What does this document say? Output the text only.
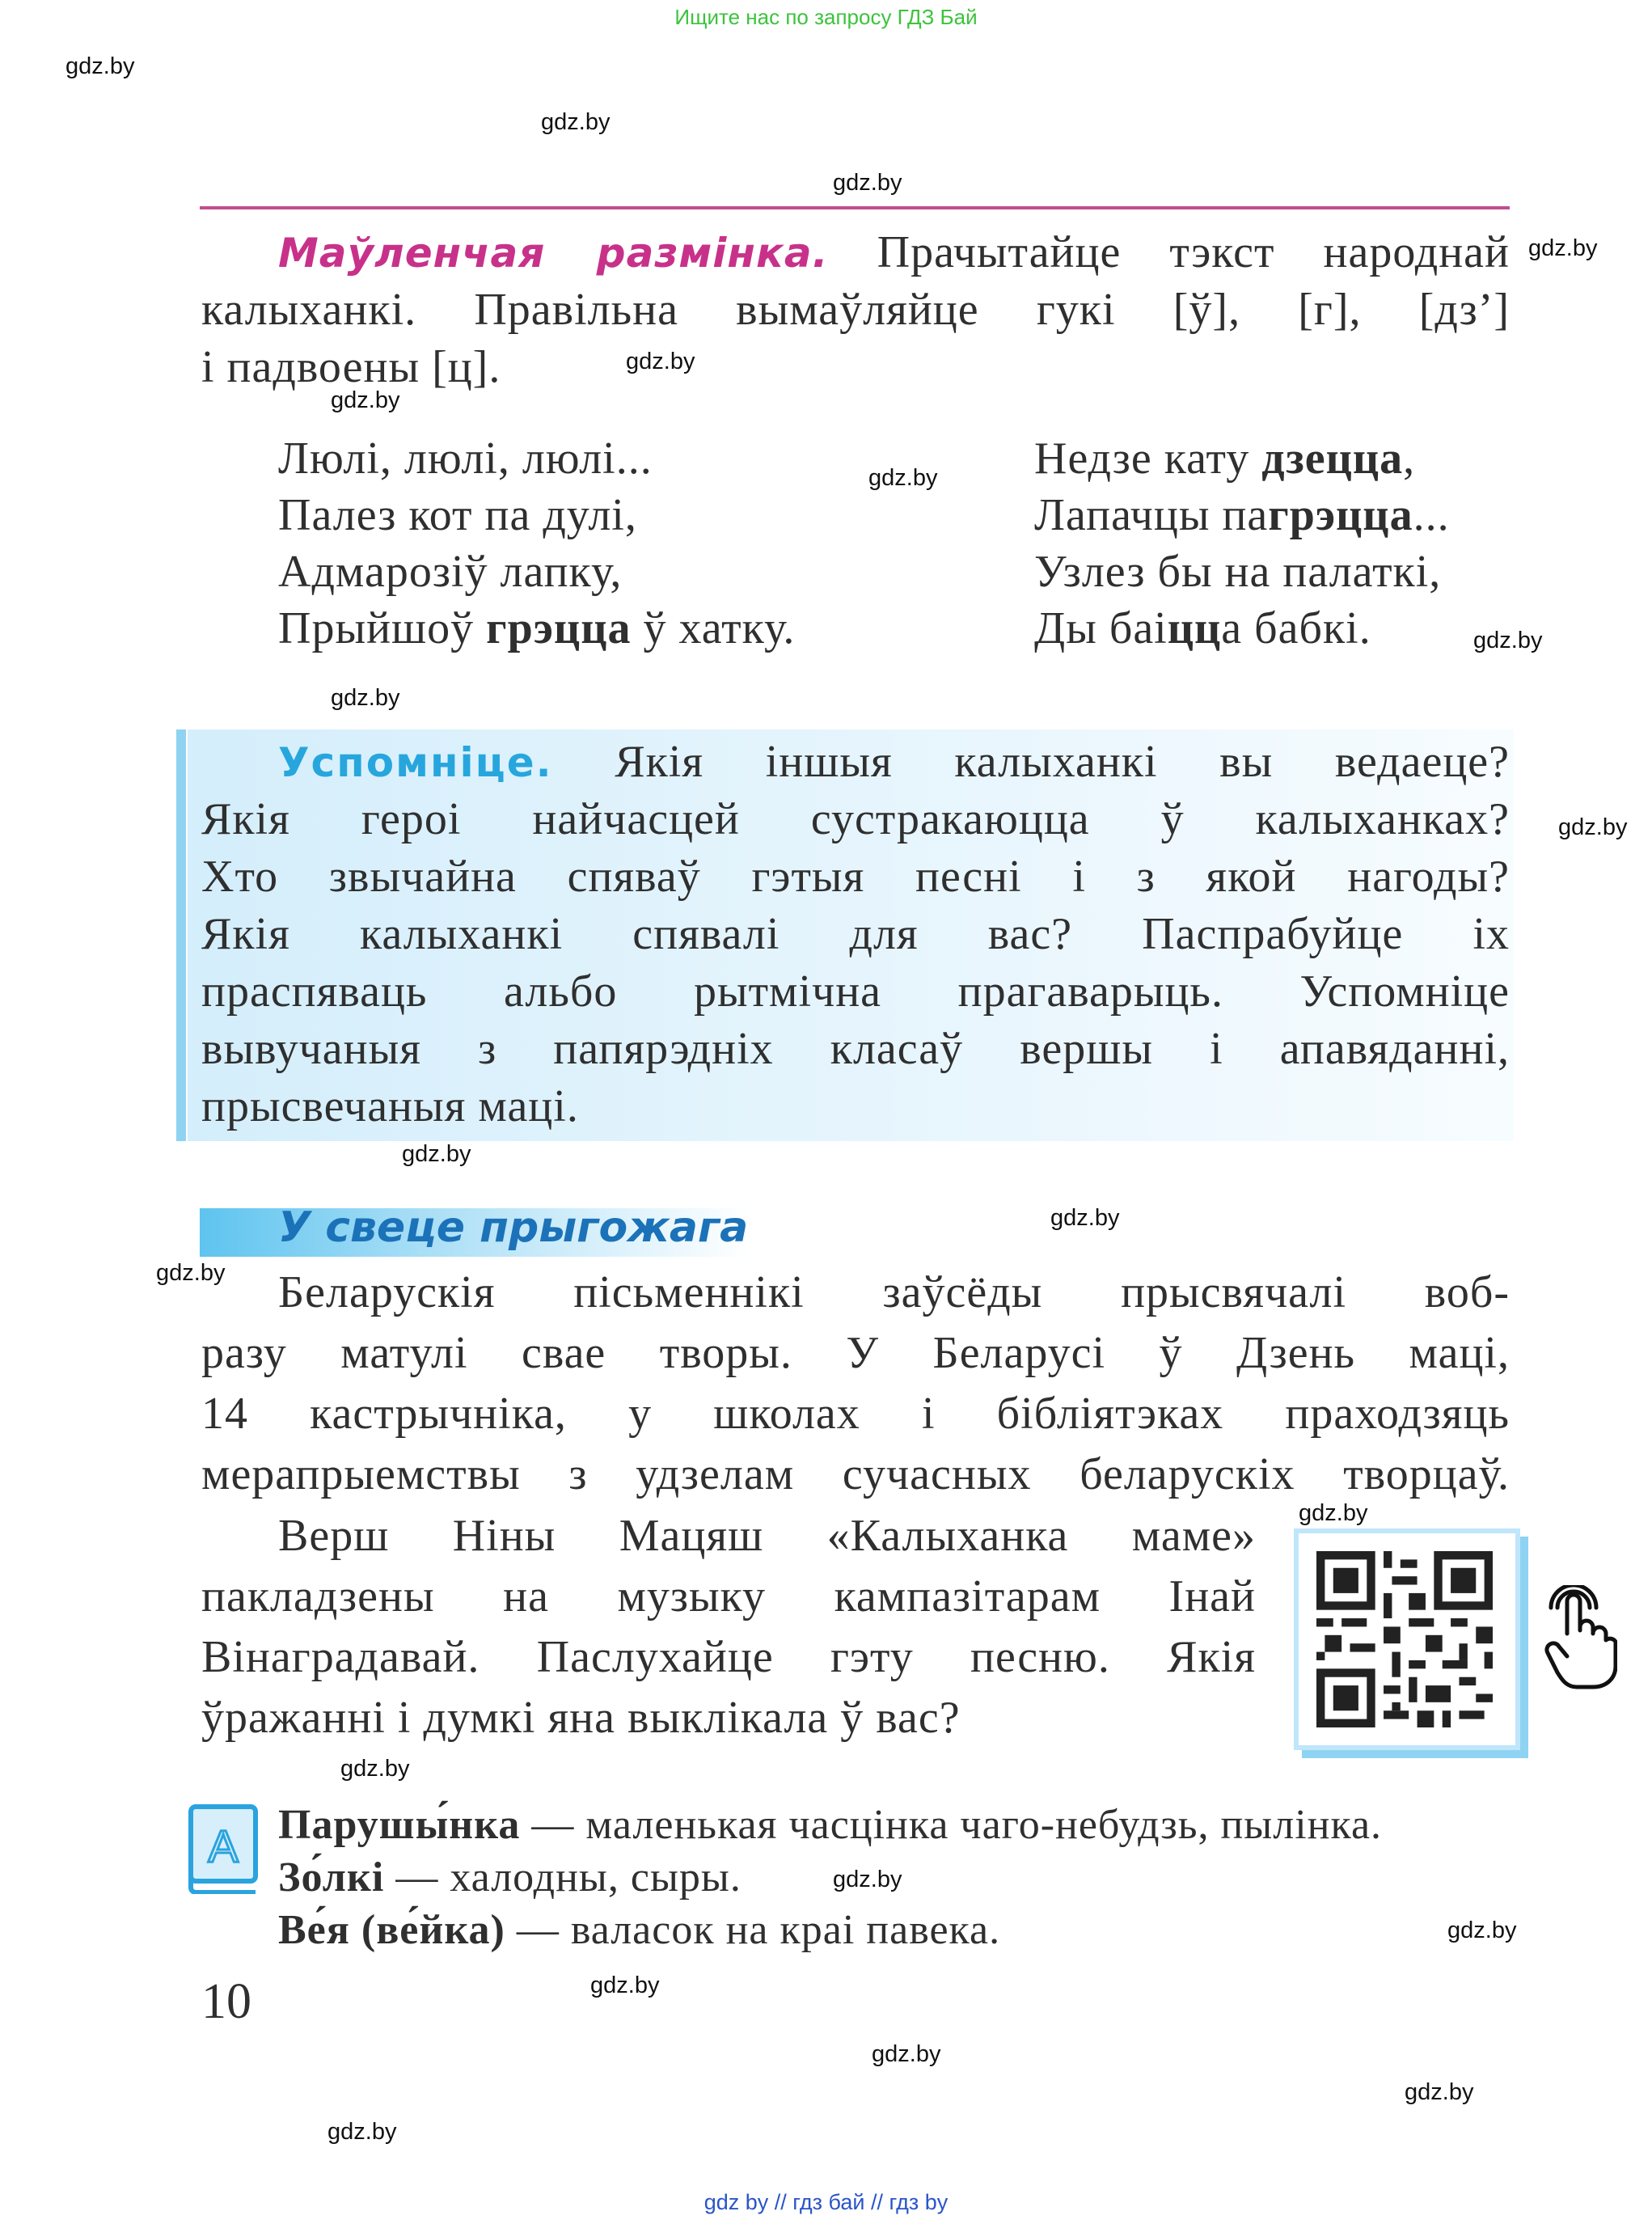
Ищите нас по запросу ГДЗ Бай
gdz.by
gdz.by
gdz.by
gdz.by
gdz.by
gdz.by
gdz.by
gdz.by
gdz.by
gdz.by
gdz.by
gdz.by
gdz.by
gdz.by
gdz.by
gdz.by
gdz.by
gdz.by
gdz.by
gdz.by
gdz.by
Маўленчая размінка. Прачытайце тэкст народнай
калыханкі. Правільна вымаўляйце гукі [ў], [г], [дз’]
і падвоены [ц].
Люлі, люлі, люлі...
Палез кот па дулі,
Адмарозіў лапку,
Прыйшоў грэцца ў хатку.
Недзе кату дзецца,
Лапачцы пагрэцца...
Узлез бы на палаткі,
Ды баіцца бабкі.
Успомніце. Якія іншыя калыханкі вы ведаеце?
Якія героі найчасцей сустракаюцца ў калыханках?
Хто звычайна спяваў гэтыя песні і з якой нагоды?
Якія калыханкі спявалі для вас? Паспрабуйце іх
праспяваць альбо рытмічна прагаварыць. Успомніце
вывучаныя з папярэдніх класаў вершы і апавяданні,
прысвечаныя маці.
У свеце прыгожага
Беларускія пісьменнікі заўсёды прысвячалі воб-
разу матулі свае творы. У Беларусі ў Дзень маці,
14 кастрычніка, у школах і бібліятэках праходзяць
мерапрыемствы з удзелам сучасных беларускіх творцаў.
Верш Ніны Мацяш «Калыханка маме»
пакладзены на музыку кампазітарам Інай
Вінаградавай. Паслухайце гэту песню. Якія
ўражанні і думкі яна выклікала ў вас?
A Парушы́нка — маленькая часцінка чаго-небудзь, пылінка.
Зо́лкі — халодны, сыры.
Ве́я (ве́йка) — валасок на краі павека.
10
gdz by // гдз бай // гдз by
